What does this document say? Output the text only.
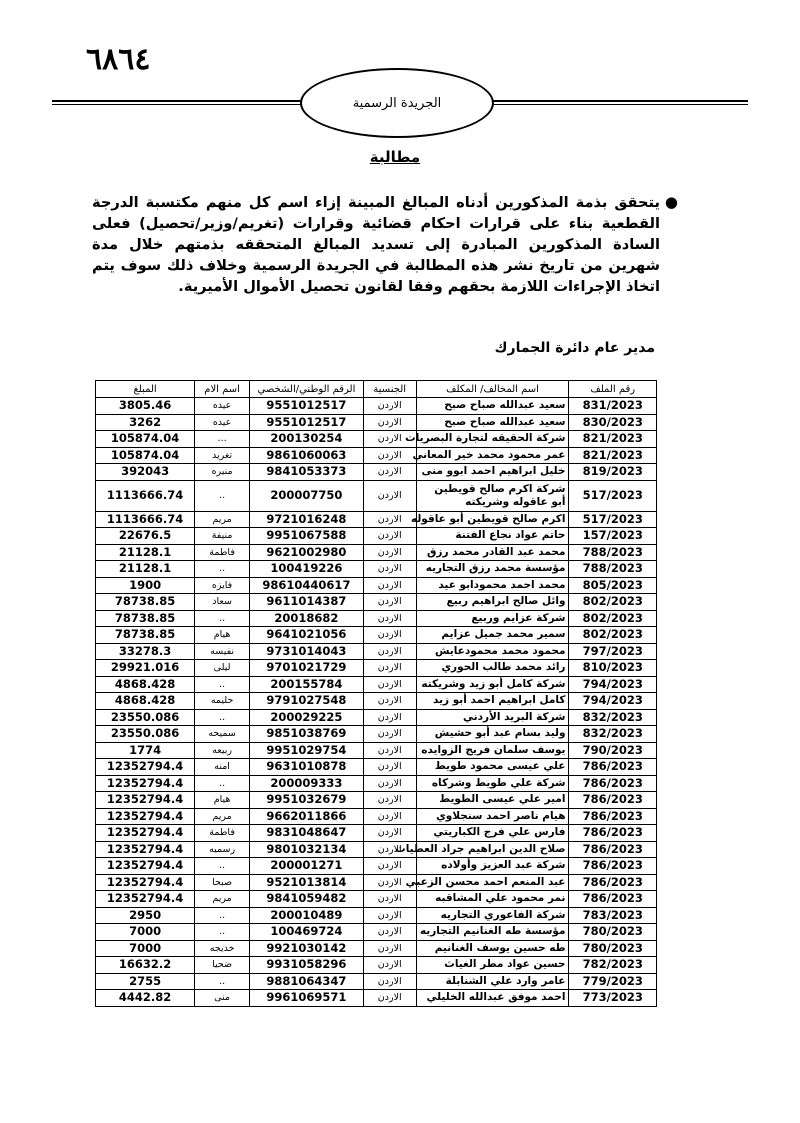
٦٨٦٤
الجريدة الرسمية
مطالبة
●
يتحقق بذمة المذكورين أدناه المبالغ المبينة إزاء اسم كل منهم مكتسبة الدرجة القطعية بناء على قرارات احكام قضائية وقرارات (تغريم/وزير/تحصيل) فعلى السادة المذكورين المبادرة إلى تسديد المبالغ المتحققه بذمتهم خلال مدة شهرين من تاريخ نشر هذه المطالبة في الجريدة الرسمية وخلاف ذلك سوف يتم اتخاذ الإجراءات اللازمة بحقهم وفقا لقانون تحصيل الأموال الأميرية.
مدير عام دائرة الجمارك
رقم الملف	اسم المخالف/ المكلف	الجنسية	الرقم الوطني/الشخصي	اسم الام	المبلغ
831/2023	سعيد عبدالله صباح صبح	الاردن	9551012517	عيده	3805.46
830/2023	سعيد عبدالله صباح صبح	الاردن	9551012517	عيده	3262
821/2023	شركة الحقيقه لتجارة البصريات	الاردن	200130254	...	105874.04
821/2023	عمر محمود محمد خير المعاني	الاردن	9861060063	تغريد	105874.04
819/2023	خليل ابراهيم احمد ابوو منى	الاردن	9841053373	منيره	392043
517/2023	شركة اكرم صالح قويطين أبو عاقوله وشريكته	الاردن	200007750	..	1113666.74
517/2023	اكرم صالح قويطين أبو عاقوله	الاردن	9721016248	مريم	1113666.74
157/2023	حاتم عواد نجاع الفتنة	الاردن	9951067588	منيفة	22676.5
788/2023	محمد عبد القادر محمد رزق	الاردن	9621002980	فاطمة	21128.1
788/2023	مؤسسة محمد رزق التجاريه	الاردن	100419226	..	21128.1
805/2023	محمد احمد محمودابو عيد	الاردن	98610440617	فايزه	1900
802/2023	وائل صالح ابراهيم ربيع	الاردن	9611014387	سعاد	78738.85
802/2023	شركة عزايم وربيع	الاردن	20018682	..	78738.85
802/2023	سمير محمد جميل عزايم	الاردن	9641021056	هيام	78738.85
797/2023	محمود محمد محمودعايش	الاردن	9731014043	نفيسه	33278.3
810/2023	رائد محمد طالب الحوري	الاردن	9701021729	ليلى	29921.016
794/2023	شركة كامل أبو زيد وشريكته	الاردن	200155784	..	4868.428
794/2023	كامل ابراهيم احمد أبو زيد	الاردن	9791027548	حليمه	4868.428
832/2023	شركة البريد الأردني	الاردن	200029225	..	23550.086
832/2023	وليد بسام عبد أبو حشيش	الاردن	9851038769	سميحه	23550.086
790/2023	يوسف سلمان فريج الزوايده	الاردن	9951029754	ربيعه	1774
786/2023	علي عيسى محمود طويط	الاردن	9631010878	امنه	12352794.4
786/2023	شركة علي طويط وشركاه	الاردن	200009333	..	12352794.4
786/2023	امير علي عيسى الطويط	الاردن	9951032679	هيام	12352794.4
786/2023	هيام ناصر احمد سنجلاوي	الاردن	9662011866	مريم	12352794.4
786/2023	فارس علي فرج الكباريتي	الاردن	9831048647	فاطمة	12352794.4
786/2023	صلاح الدين ابراهيم جراد العطيات	الاردن	9801032134	رسميه	12352794.4
786/2023	شركة عبد العزيز وأولاده	الاردن	200001271	..	12352794.4
786/2023	عبد المنعم احمد محسن الزعبي	الاردن	9521013814	صبحا	12352794.4
786/2023	نمر محمود علي المشاقبه	الاردن	9841059482	مريم	12352794.4
783/2023	شركة الفاعوري التجاريه	الاردن	200010489	..	2950
780/2023	مؤسسة طه الغنانيم التجاريه	الاردن	100469724	..	7000
780/2023	طه حسين يوسف الغنانيم	الاردن	9921030142	خديجه	7000
782/2023	حسين عواد مطر الغياث	الاردن	9931058296	ضحيا	16632.2
779/2023	عامر وارد علي الشنابلة	الاردن	9881064347	..	2755
773/2023	احمد موفق عبدالله الخليلي	الاردن	9961069571	منى	4442.82
